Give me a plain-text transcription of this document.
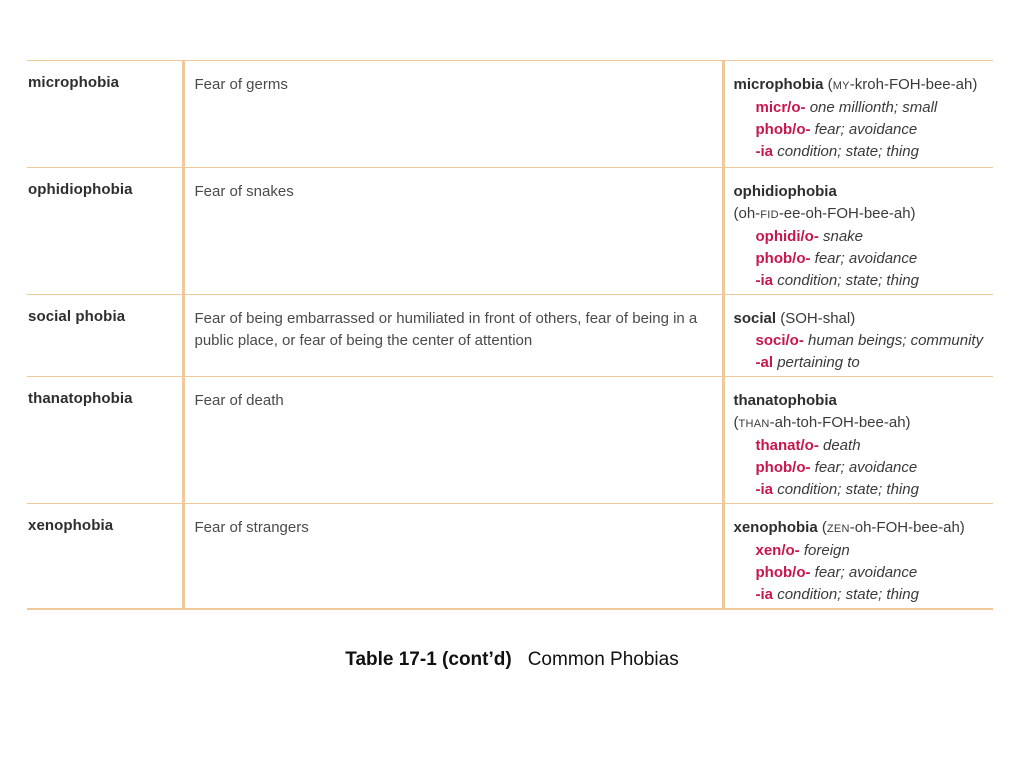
microphobia	Fear of germs	microphobia (MY-kroh-FOH-bee-ah)
micr/o- one millionth; small
phob/o- fear; avoidance
-ia condition; state; thing

ophidiophobia	Fear of snakes	ophidiophobia
(oh-FID-ee-oh-FOH-bee-ah)
ophidi/o- snake
phob/o- fear; avoidance
-ia condition; state; thing

social phobia	Fear of being embarrassed or humiliated in front of others, fear of being in a public place, or fear of being the center of attention	social (SOH-shal)
soci/o- human beings; community
-al pertaining to

thanatophobia	Fear of death	thanatophobia
(THAN-ah-toh-FOH-bee-ah)
thanat/o- death
phob/o- fear; avoidance
-ia condition; state; thing

xenophobia	Fear of strangers	xenophobia (ZEN-oh-FOH-bee-ah)
xen/o- foreign
phob/o- fear; avoidance
-ia condition; state; thing
Table 17-1 (cont’d) Common Phobias
